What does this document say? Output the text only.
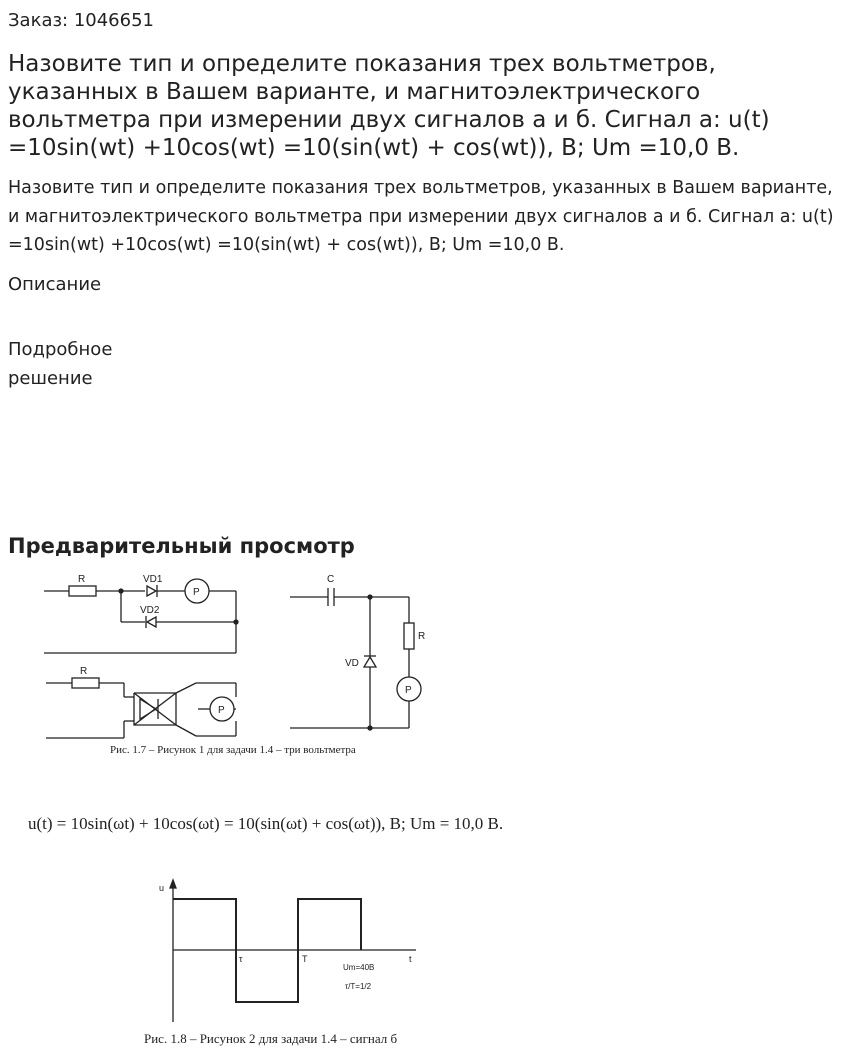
Заказ: 1046651
Назовите тип и определите показания трех вольтметров, указанных в Вашем варианте, и магнитоэлектрического вольтметра при измерении двух сигналов а и б. Сигнал а: u(t) =10sin(wt) +10cos(wt) =10(sin(wt) + cos(wt)), В; Um =10,0 В.
Назовите тип и определите показания трех вольтметров, указанных в Вашем варианте, и магнитоэлектрического вольтметра при измерении двух сигналов а и б. Сигнал а: u(t) =10sin(wt) +10cos(wt) =10(sin(wt) + cos(wt)), В; Um =10,0 В.
Описание
Подробное решение
Предварительный просмотр
R	VD1
VD2
P
R
P
C
R
VD
P
Рис. 1.7 – Рисунок 1 для задачи 1.4 – три вольтметра
u(t) = 10sin(ωt) + 10cos(ωt) = 10(sin(ωt) + cos(ωt)), В; Um = 10,0 В.
u
τ	T	t
Um=40В
τ/T=1/2
Рис. 1.8 – Рисунок 2 для задачи 1.4 – сигнал б
